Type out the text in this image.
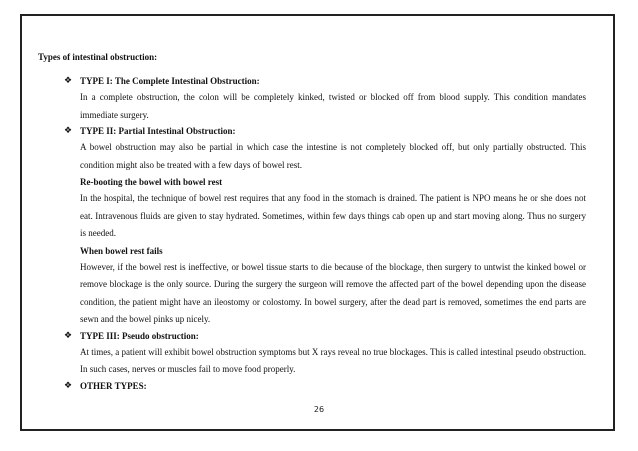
Types of intestinal obstruction:
❖ TYPE I: The Complete Intestinal Obstruction:

In a complete obstruction, the colon will be completely kinked, twisted or blocked off from blood supply. This condition mandates immediate surgery.

❖ TYPE II: Partial Intestinal Obstruction:

A bowel obstruction may also be partial in which case the intestine is not completely blocked off, but only partially obstructed. This condition might also be treated with a few days of bowel rest.

Re-booting the bowel with bowel rest

In the hospital, the technique of bowel rest requires that any food in the stomach is drained. The patient is NPO means he or she does not eat. Intravenous fluids are given to stay hydrated. Sometimes, within few days things cab open up and start moving along. Thus no surgery is needed.

When bowel rest fails

However, if the bowel rest is ineffective, or bowel tissue starts to die because of the blockage, then surgery to untwist the kinked bowel or remove blockage is the only source. During the surgery the surgeon will remove the affected part of the bowel depending upon the disease condition, the patient might have an ileostomy or colostomy. In bowel surgery, after the dead part is removed, sometimes the end parts are sewn and the bowel pinks up nicely.

❖ TYPE III: Pseudo obstruction:

At times, a patient will exhibit bowel obstruction symptoms but X rays reveal no true blockages. This is called intestinal pseudo obstruction. In such cases, nerves or muscles fail to move food properly.

❖ OTHER TYPES:
26
